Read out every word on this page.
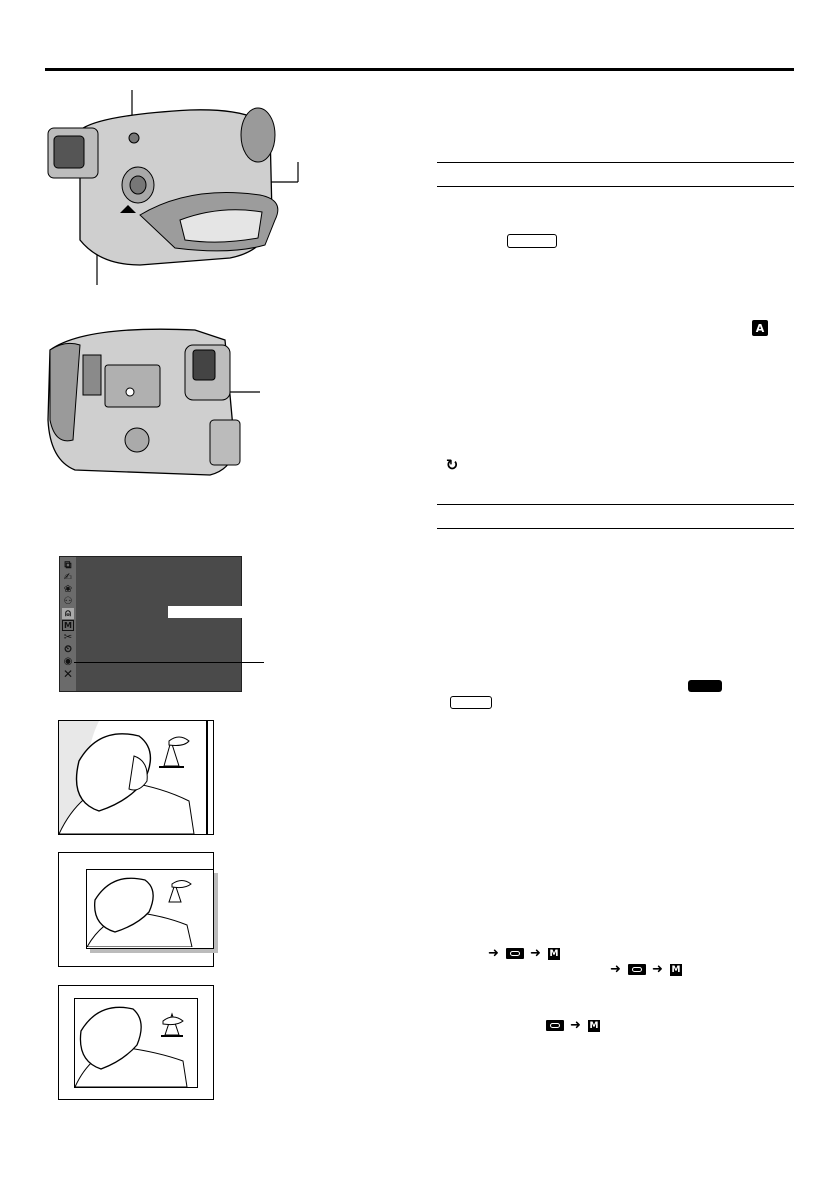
A
↻
⧉
✍
❀
⚇
⍝
M
✂
⏲
◉
✕
➜ ➜ M
➜ ➜ M
➜ M
